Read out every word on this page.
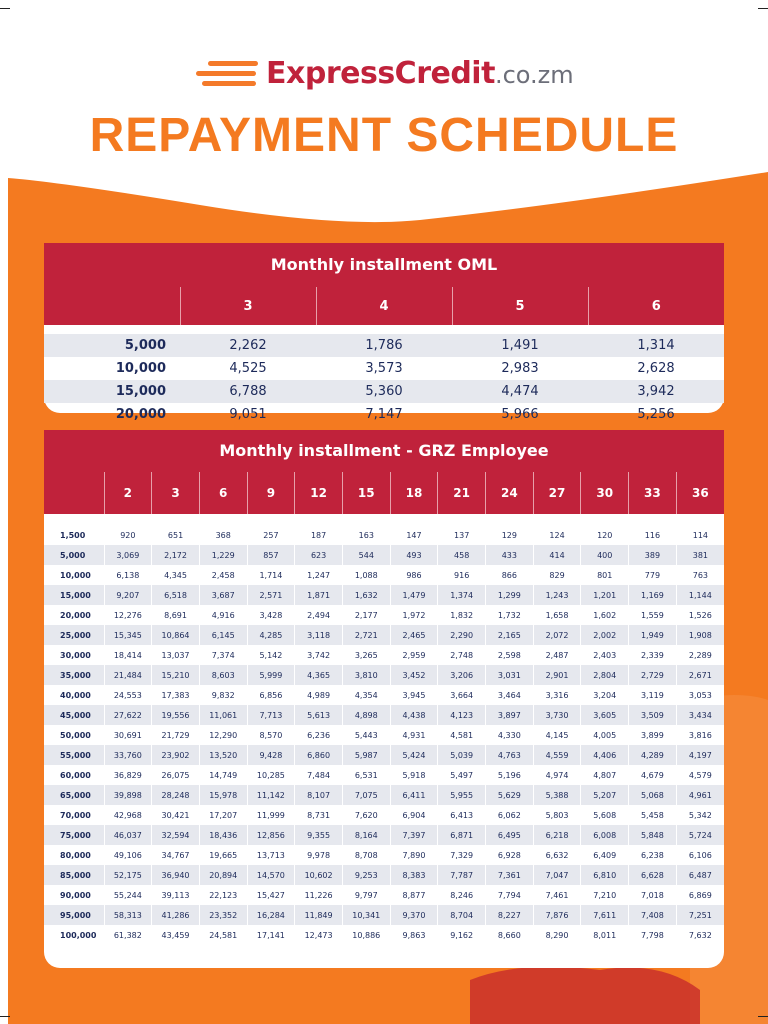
ExpressCredit.co.zm
REPAYMENT SCHEDULE
Monthly installment OML
	3	4	5	6

5,000	2,262	1,786	1,491	1,314
10,000	4,525	3,573	2,983	2,628
15,000	6,788	5,360	4,474	3,942
20,000	9,051	7,147	5,966	5,256
Monthly installment - GRZ Employee
	2	3	6	9	12	15	18	21	24	27	30	33	36

1,500	920	651	368	257	187	163	147	137	129	124	120	116	114
5,000	3,069	2,172	1,229	857	623	544	493	458	433	414	400	389	381
10,000	6,138	4,345	2,458	1,714	1,247	1,088	986	916	866	829	801	779	763
15,000	9,207	6,518	3,687	2,571	1,871	1,632	1,479	1,374	1,299	1,243	1,201	1,169	1,144
20,000	12,276	8,691	4,916	3,428	2,494	2,177	1,972	1,832	1,732	1,658	1,602	1,559	1,526
25,000	15,345	10,864	6,145	4,285	3,118	2,721	2,465	2,290	2,165	2,072	2,002	1,949	1,908
30,000	18,414	13,037	7,374	5,142	3,742	3,265	2,959	2,748	2,598	2,487	2,403	2,339	2,289
35,000	21,484	15,210	8,603	5,999	4,365	3,810	3,452	3,206	3,031	2,901	2,804	2,729	2,671
40,000	24,553	17,383	9,832	6,856	4,989	4,354	3,945	3,664	3,464	3,316	3,204	3,119	3,053
45,000	27,622	19,556	11,061	7,713	5,613	4,898	4,438	4,123	3,897	3,730	3,605	3,509	3,434
50,000	30,691	21,729	12,290	8,570	6,236	5,443	4,931	4,581	4,330	4,145	4,005	3,899	3,816
55,000	33,760	23,902	13,520	9,428	6,860	5,987	5,424	5,039	4,763	4,559	4,406	4,289	4,197
60,000	36,829	26,075	14,749	10,285	7,484	6,531	5,918	5,497	5,196	4,974	4,807	4,679	4,579
65,000	39,898	28,248	15,978	11,142	8,107	7,075	6,411	5,955	5,629	5,388	5,207	5,068	4,961
70,000	42,968	30,421	17,207	11,999	8,731	7,620	6,904	6,413	6,062	5,803	5,608	5,458	5,342
75,000	46,037	32,594	18,436	12,856	9,355	8,164	7,397	6,871	6,495	6,218	6,008	5,848	5,724
80,000	49,106	34,767	19,665	13,713	9,978	8,708	7,890	7,329	6,928	6,632	6,409	6,238	6,106
85,000	52,175	36,940	20,894	14,570	10,602	9,253	8,383	7,787	7,361	7,047	6,810	6,628	6,487
90,000	55,244	39,113	22,123	15,427	11,226	9,797	8,877	8,246	7,794	7,461	7,210	7,018	6,869
95,000	58,313	41,286	23,352	16,284	11,849	10,341	9,370	8,704	8,227	7,876	7,611	7,408	7,251
100,000	61,382	43,459	24,581	17,141	12,473	10,886	9,863	9,162	8,660	8,290	8,011	7,798	7,632
